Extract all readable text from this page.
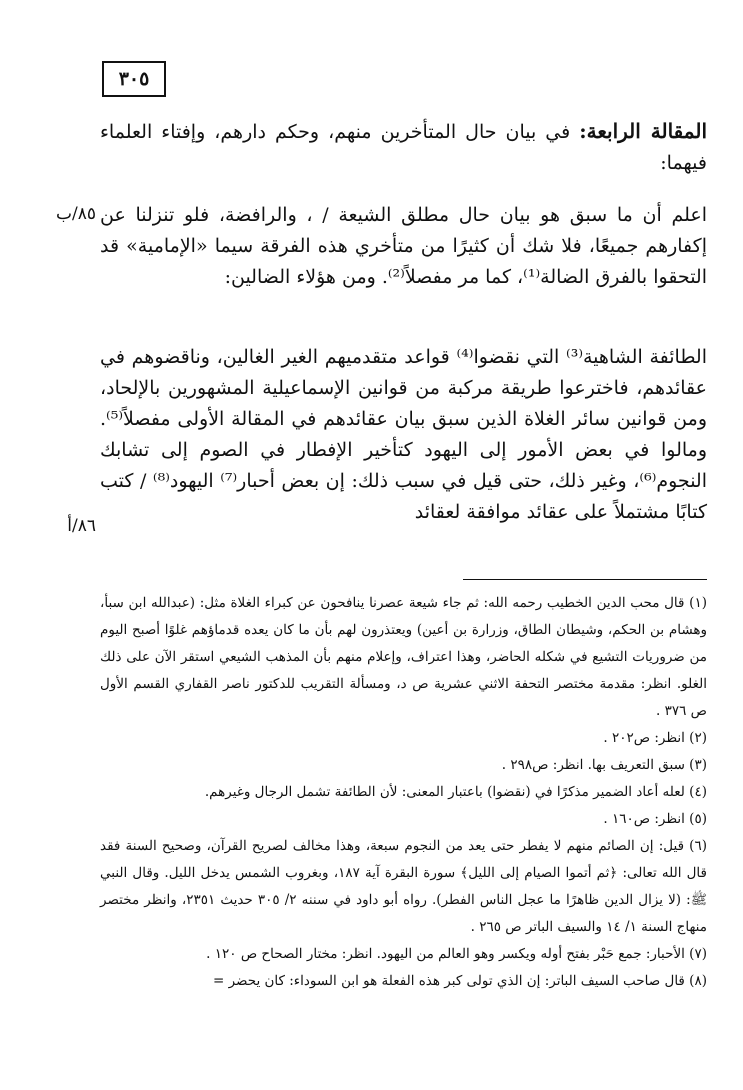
٣٠٥

المقالة الرابعة: في بيان حال المتأخرين منهم، وحكم دارهم، وإفتاء العلماء فيهما:

اعلم أن ما سبق هو بيان حال مطلق الشيعة / ، والرافضة، فلو تنزلنا عن إكفارهم جميعًا، فلا شك أن كثيرًا من متأخري هذه الفرقة سيما «الإمامية» قد التحقوا بالفرق الضالة⁽¹⁾، كما مر مفصلاً⁽²⁾. ومن هؤلاء الضالين:

الطائفة الشاهية⁽³⁾ التي نقضوا⁽⁴⁾ قواعد متقدميهم الغير الغالين، وناقضوهم في عقائدهم، فاخترعوا طريقة مركبة من قوانين الإسماعيلية المشهورين بالإلحاد، ومن قوانين سائر الغلاة الذين سبق بيان عقائدهم في المقالة الأولى مفصلاً⁽⁵⁾. ومالوا في بعض الأمور إلى اليهود كتأخير الإفطار في الصوم إلى تشابك النجوم⁽⁶⁾، وغير ذلك، حتى قيل في سبب ذلك: إن بعض أحبار⁽⁷⁾ اليهود⁽⁸⁾ / كتب كتابًا مشتملاً على عقائد موافقة لعقائد

٨٥/ب
٨٦/أ
(١) قال محب الدين الخطيب رحمه الله: ثم جاء شيعة عصرنا ينافحون عن كبراء الغلاة مثل: (عبدالله ابن سبأ، وهشام بن الحكم، وشيطان الطاق، وزرارة بن أعين) ويعتذرون لهم بأن ما كان يعده قدماؤهم غلوًا أصبح اليوم من ضروريات التشيع في شكله الحاضر، وهذا اعتراف، وإعلام منهم بأن المذهب الشيعي استقر الآن على ذلك الغلو. انظر: مقدمة مختصر التحفة الاثني عشرية ص د، ومسألة التقريب للدكتور ناصر القفاري القسم الأول ص ٣٧٦ .
(٢) انظر: ص٢٠٢ .
(٣) سبق التعريف بها. انظر: ص٢٩٨ .
(٤) لعله أعاد الضمير مذكرًا في (نقضوا) باعتبار المعنى: لأن الطائفة تشمل الرجال وغيرهم.
(٥) انظر: ص١٦٠ .
(٦) قيل: إن الصائم منهم لا يفطر حتى يعد من النجوم سبعة، وهذا مخالف لصريح القرآن، وصحيح السنة فقد قال الله تعالى: ﴿ثم أتموا الصيام إلى الليل﴾ سورة البقرة آية ١٨٧، وبغروب الشمس يدخل الليل. وقال النبي ﷺ: (لا يزال الدين ظاهرًا ما عجل الناس الفطر). رواه أبو داود في سننه ٢/ ٣٠٥ حديث ٢٣٥١، وانظر مختصر منهاج السنة ١/ ١٤ والسيف الباتر ص ٢٦٥ .
(٧) الأحبار: جمع حَبْر بفتح أوله ويكسر وهو العالم من اليهود. انظر: مختار الصحاح ص ١٢٠ .
(٨) قال صاحب السيف الباتر: إن الذي تولى كبر هذه الفعلة هو ابن السوداء: كان يحضر =
